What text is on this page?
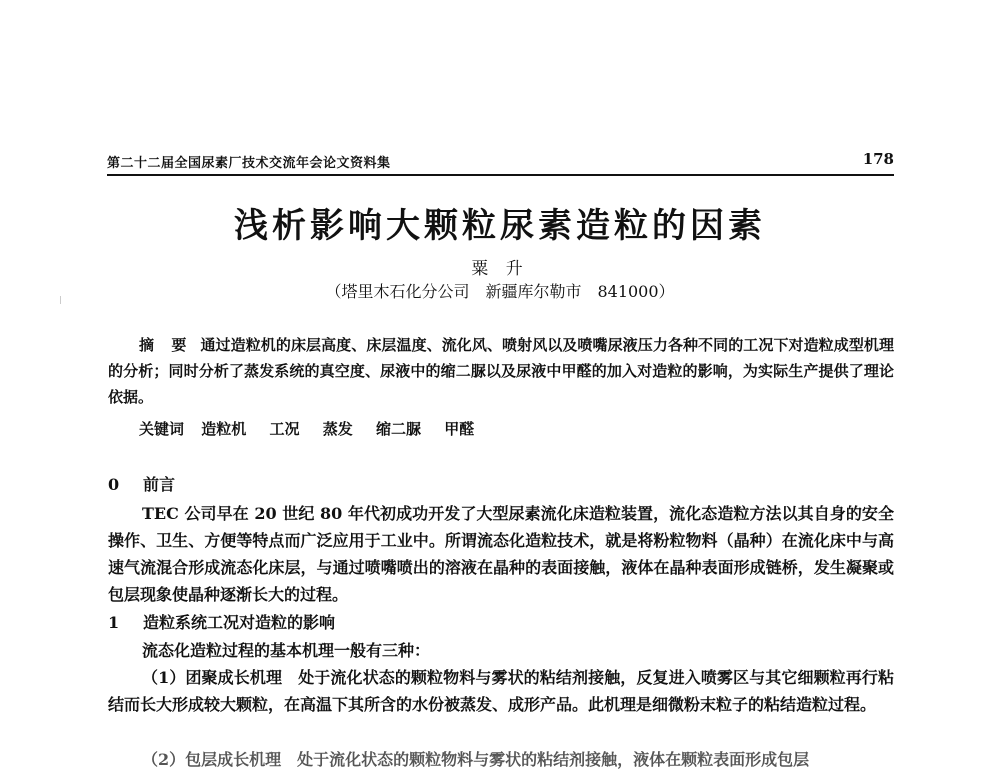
第二十二届全国尿素厂技术交流年会论文资料集	178
浅析影响大颗粒尿素造粒的因素
粟 升
（塔里木石化分公司　新疆库尔勒市　841000）
摘 要 通过造粒机的床层高度、床层温度、流化风、喷射风以及喷嘴尿液压力各种不同的工况下对造粒成型机理的分析；同时分析了蒸发系统的真空度、尿液中的缩二脲以及尿液中甲醛的加入对造粒的影响，为实际生产提供了理论依据。
关键词 造粒机 工况 蒸发 缩二脲 甲醛
0 前言
TEC 公司早在 20 世纪 80 年代初成功开发了大型尿素流化床造粒装置，流化态造粒方法以其自身的安全操作、卫生、方便等特点而广泛应用于工业中。所谓流态化造粒技术，就是将粉粒物料（晶种）在流化床中与高速气流混合形成流态化床层，与通过喷嘴喷出的溶液在晶种的表面接触，液体在晶种表面形成链桥，发生凝聚或包层现象使晶种逐渐长大的过程。
1 造粒系统工况对造粒的影响
流态化造粒过程的基本机理一般有三种：
（1）团聚成长机理　处于流化状态的颗粒物料与雾状的粘结剂接触，反复进入喷雾区与其它细颗粒再行粘结而长大形成较大颗粒，在高温下其所含的水份被蒸发、成形产品。此机理是细微粉末粒子的粘结造粒过程。
（2）包层成长机理　处于流化状态的颗粒物料与雾状的粘结剂接触，液体在颗粒表面形成包层
